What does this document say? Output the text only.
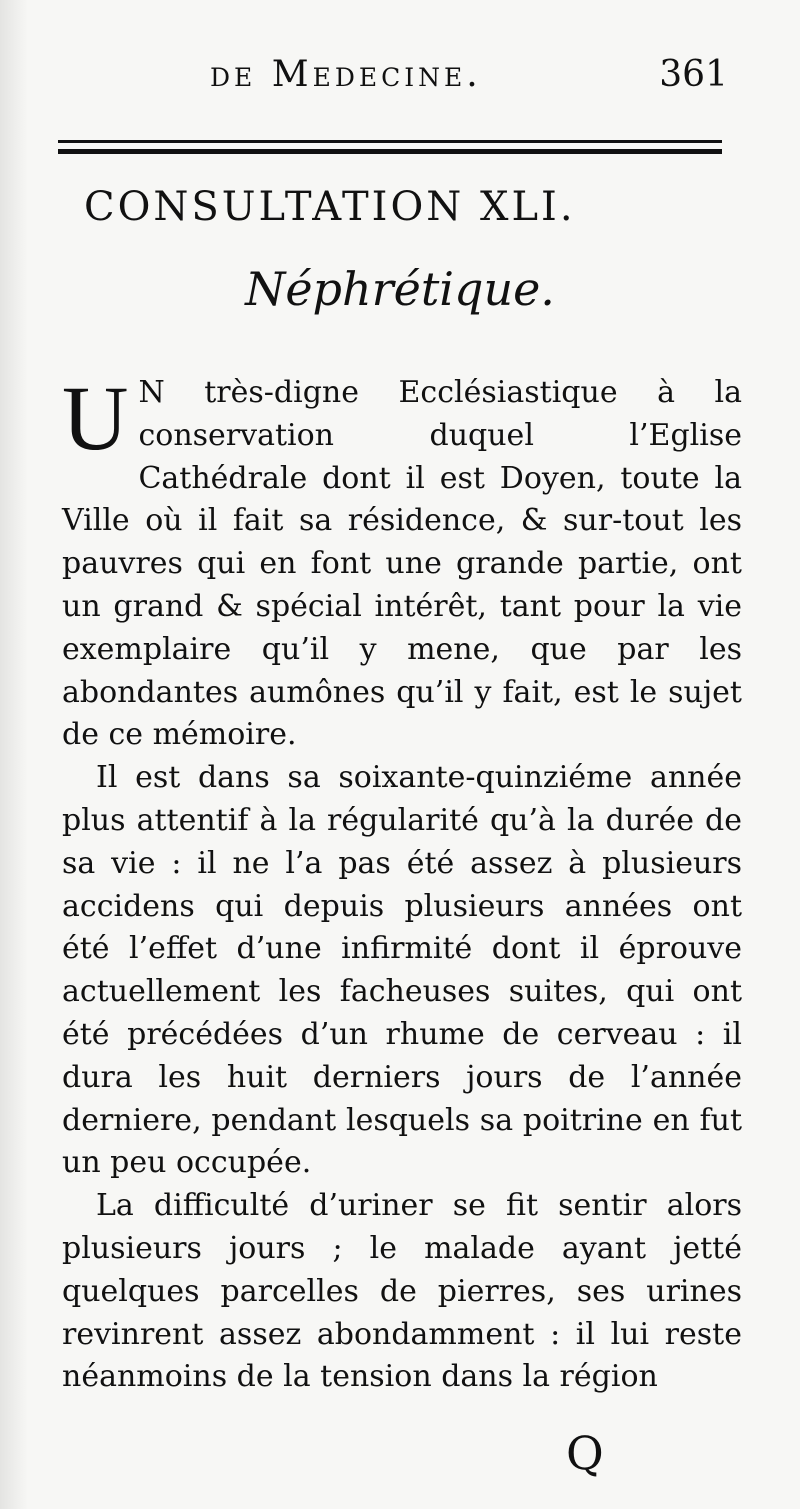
de Medecine.	361
CONSULTATION XLI.
Néphrétique.

U N très-digne Ecclésiastique à la conservation duquel l’Eglise Cathédrale dont il est Doyen, toute la Ville où il fait sa résidence, & sur-tout les pauvres qui en font une grande partie, ont un grand & spécial intérêt, tant pour la vie exemplaire qu’il y mene, que par les abondantes aumônes qu’il y fait, est le sujet de ce mémoire.

Il est dans sa soixante-quinziéme année plus attentif à la régularité qu’à la durée de sa vie : il ne l’a pas été assez à plusieurs accidens qui depuis plusieurs années ont été l’effet d’une infirmité dont il éprouve actuellement les facheuses suites, qui ont été précédées d’un rhume de cerveau : il dura les huit derniers jours de l’année derniere, pendant lesquels sa poitrine en fut un peu occupée.

La difficulté d’uriner se fit sentir alors plusieurs jours ; le malade ayant jetté quelques parcelles de pierres, ses urines revinrent assez abondamment : il lui reste néanmoins de la tension dans la région

Q
